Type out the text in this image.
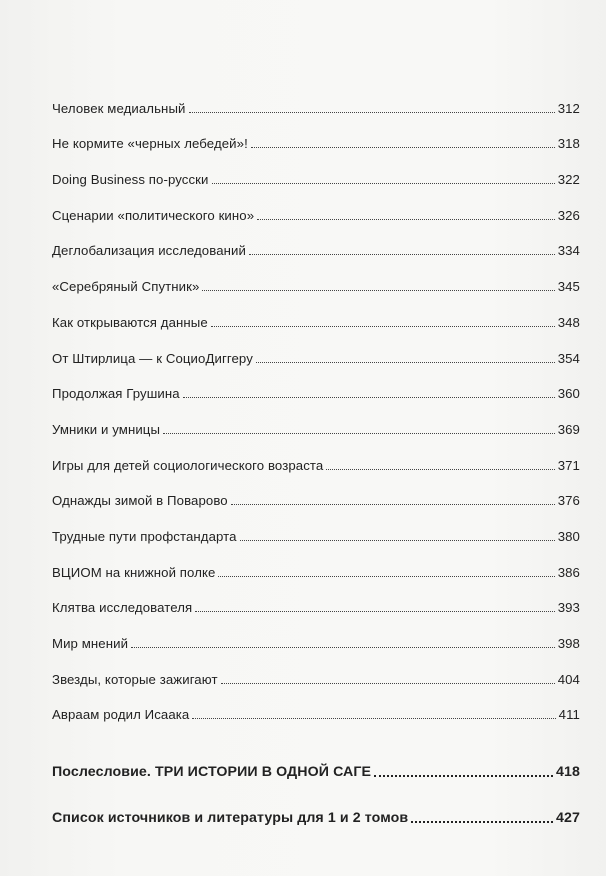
Человек медиальный	312
Не кормите «черных лебедей»!	318
Doing Business по-русски	322
Сценарии «политического кино»	326
Деглобализация исследований	334
«Серебряный Спутник»	345
Как открываются данные	348
От Штирлица — к СоциоДиггеру	354
Продолжая Грушина	360
Умники и умницы	369
Игры для детей социологического возраста	371
Однажды зимой в Поварово	376
Трудные пути профстандарта	380
ВЦИОМ на книжной полке	386
Клятва исследователя	393
Мир мнений	398
Звезды, которые зажигают	404
Авраам родил Исаака	411
Послесловие. ТРИ ИСТОРИИ В ОДНОЙ САГЕ	418
Список источников и литературы для 1 и 2 томов	427
